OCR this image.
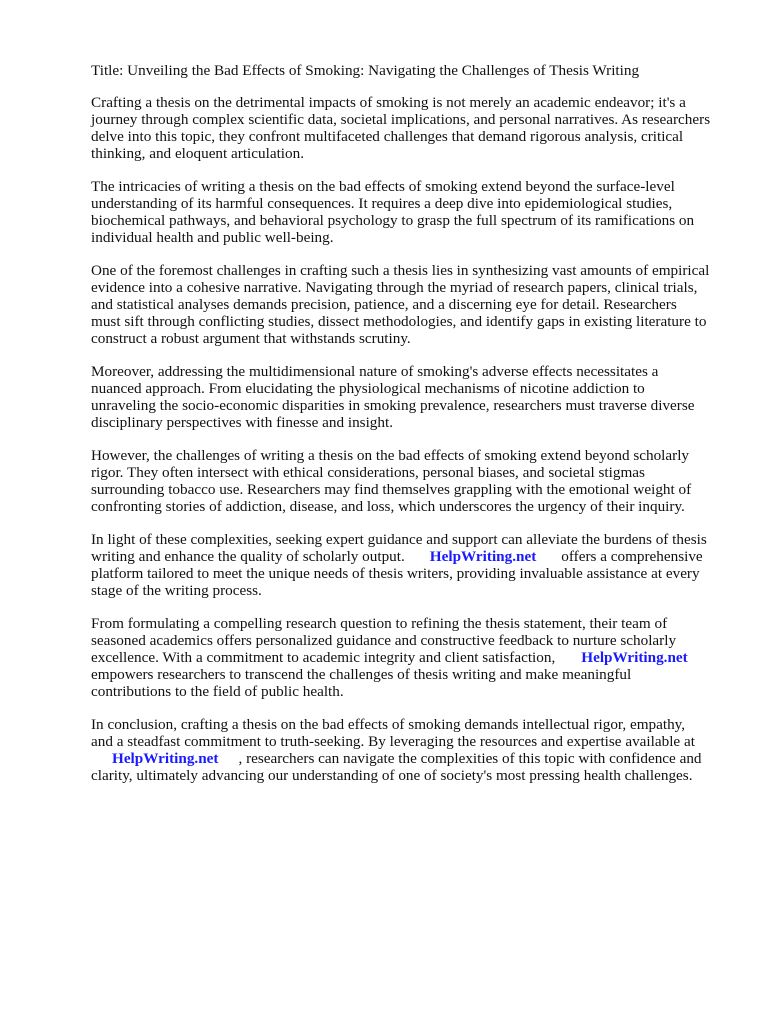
Title: Unveiling the Bad Effects of Smoking: Navigating the Challenges of Thesis Writing
Crafting a thesis on the detrimental impacts of smoking is not merely an academic endeavor; it's a
journey through complex scientific data, societal implications, and personal narratives. As researchers
delve into this topic, they confront multifaceted challenges that demand rigorous analysis, critical
thinking, and eloquent articulation.
The intricacies of writing a thesis on the bad effects of smoking extend beyond the surface-level
understanding of its harmful consequences. It requires a deep dive into epidemiological studies,
biochemical pathways, and behavioral psychology to grasp the full spectrum of its ramifications on
individual health and public well-being.
One of the foremost challenges in crafting such a thesis lies in synthesizing vast amounts of empirical
evidence into a cohesive narrative. Navigating through the myriad of research papers, clinical trials,
and statistical analyses demands precision, patience, and a discerning eye for detail. Researchers
must sift through conflicting studies, dissect methodologies, and identify gaps in existing literature to
construct a robust argument that withstands scrutiny.
Moreover, addressing the multidimensional nature of smoking's adverse effects necessitates a
nuanced approach. From elucidating the physiological mechanisms of nicotine addiction to
unraveling the socio-economic disparities in smoking prevalence, researchers must traverse diverse
disciplinary perspectives with finesse and insight.
However, the challenges of writing a thesis on the bad effects of smoking extend beyond scholarly
rigor. They often intersect with ethical considerations, personal biases, and societal stigmas
surrounding tobacco use. Researchers may find themselves grappling with the emotional weight of
confronting stories of addiction, disease, and loss, which underscores the urgency of their inquiry.
In light of these complexities, seeking expert guidance and support can alleviate the burdens of thesis
writing and enhance the quality of scholarly output. HelpWriting.net offers a comprehensive
platform tailored to meet the unique needs of thesis writers, providing invaluable assistance at every
stage of the writing process.
From formulating a compelling research question to refining the thesis statement, their team of
seasoned academics offers personalized guidance and constructive feedback to nurture scholarly
excellence. With a commitment to academic integrity and client satisfaction, HelpWriting.net
empowers researchers to transcend the challenges of thesis writing and make meaningful
contributions to the field of public health.
In conclusion, crafting a thesis on the bad effects of smoking demands intellectual rigor, empathy,
and a steadfast commitment to truth-seeking. By leveraging the resources and expertise available at
HelpWriting.net , researchers can navigate the complexities of this topic with confidence and
clarity, ultimately advancing our understanding of one of society's most pressing health challenges.
